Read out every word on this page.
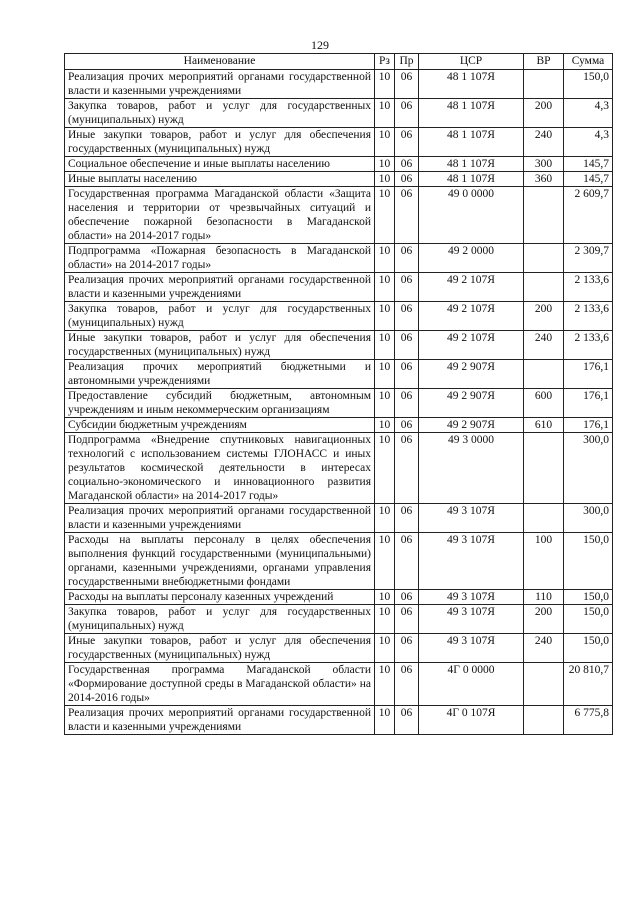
129
Наименование	Рз	Пр	ЦСР	ВР	Сумма
Реализация прочих мероприятий органами государственной власти и казенными учреждениями	10	06	48 1 107Я		150,0
Закупка товаров, работ и услуг для государственных (муниципальных) нужд	10	06	48 1 107Я	200	4,3
Иные закупки товаров, работ и услуг для обеспечения государственных (муниципальных) нужд	10	06	48 1 107Я	240	4,3
Социальное обеспечение и иные выплаты населению	10	06	48 1 107Я	300	145,7
Иные выплаты населению	10	06	48 1 107Я	360	145,7
Государственная программа Магаданской области «Защита населения и территории от чрезвычайных ситуаций и обеспечение пожарной безопасности в Магаданской области» на 2014-2017 годы»	10	06	49 0 0000		2 609,7
Подпрограмма «Пожарная безопасность в Магаданской области» на 2014-2017 годы»	10	06	49 2 0000		2 309,7
Реализация прочих мероприятий органами государственной власти и казенными учреждениями	10	06	49 2 107Я		2 133,6
Закупка товаров, работ и услуг для государственных (муниципальных) нужд	10	06	49 2 107Я	200	2 133,6
Иные закупки товаров, работ и услуг для обеспечения государственных (муниципальных) нужд	10	06	49 2 107Я	240	2 133,6
Реализация прочих мероприятий бюджетными и автономными учреждениями	10	06	49 2 907Я		176,1
Предоставление субсидий бюджетным, автономным учреждениям и иным некоммерческим организациям	10	06	49 2 907Я	600	176,1
Субсидии бюджетным учреждениям	10	06	49 2 907Я	610	176,1
Подпрограмма «Внедрение спутниковых навигационных технологий с использованием системы ГЛОНАСС и иных результатов космической деятельности в интересах социально-экономического и инновационного развития Магаданской области» на 2014-2017 годы»	10	06	49 3 0000		300,0
Реализация прочих мероприятий органами государственной власти и казенными учреждениями	10	06	49 3 107Я		300,0
Расходы на выплаты персоналу в целях обеспечения выполнения функций государственными (муниципальными) органами, казенными учреждениями, органами управления государственными внебюджетными фондами	10	06	49 3 107Я	100	150,0
Расходы на выплаты персоналу казенных учреждений	10	06	49 3 107Я	110	150,0
Закупка товаров, работ и услуг для государственных (муниципальных) нужд	10	06	49 3 107Я	200	150,0
Иные закупки товаров, работ и услуг для обеспечения государственных (муниципальных) нужд	10	06	49 3 107Я	240	150,0
Государственная программа Магаданской области «Формирование доступной среды в Магаданской области» на 2014-2016 годы»	10	06	4Г 0 0000		20 810,7
Реализация прочих мероприятий органами государственной власти и казенными учреждениями	10	06	4Г 0 107Я		6 775,8
